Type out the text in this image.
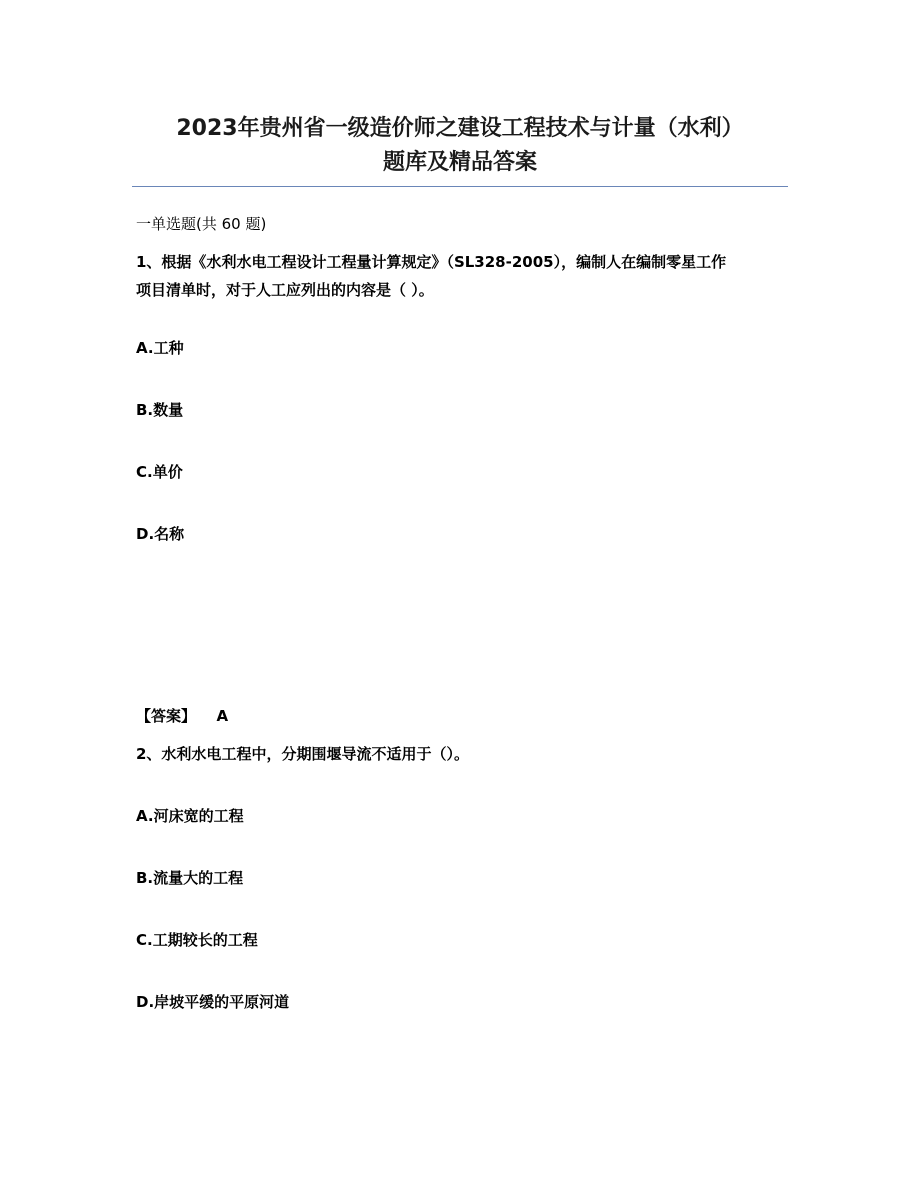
2023年贵州省一级造价师之建设工程技术与计量（水利）
题库及精品答案
一单选题(共 60 题)
1、根据《水利水电工程设计工程量计算规定》（SL328-2005），编制人在编制零星工作
项目清单时，对于人工应列出的内容是（ ）。
A.工种
B.数量
C.单价
D.名称
【答案】 A
2、水利水电工程中，分期围堰导流不适用于（）。
A.河床宽的工程
B.流量大的工程
C.工期较长的工程
D.岸坡平缓的平原河道
